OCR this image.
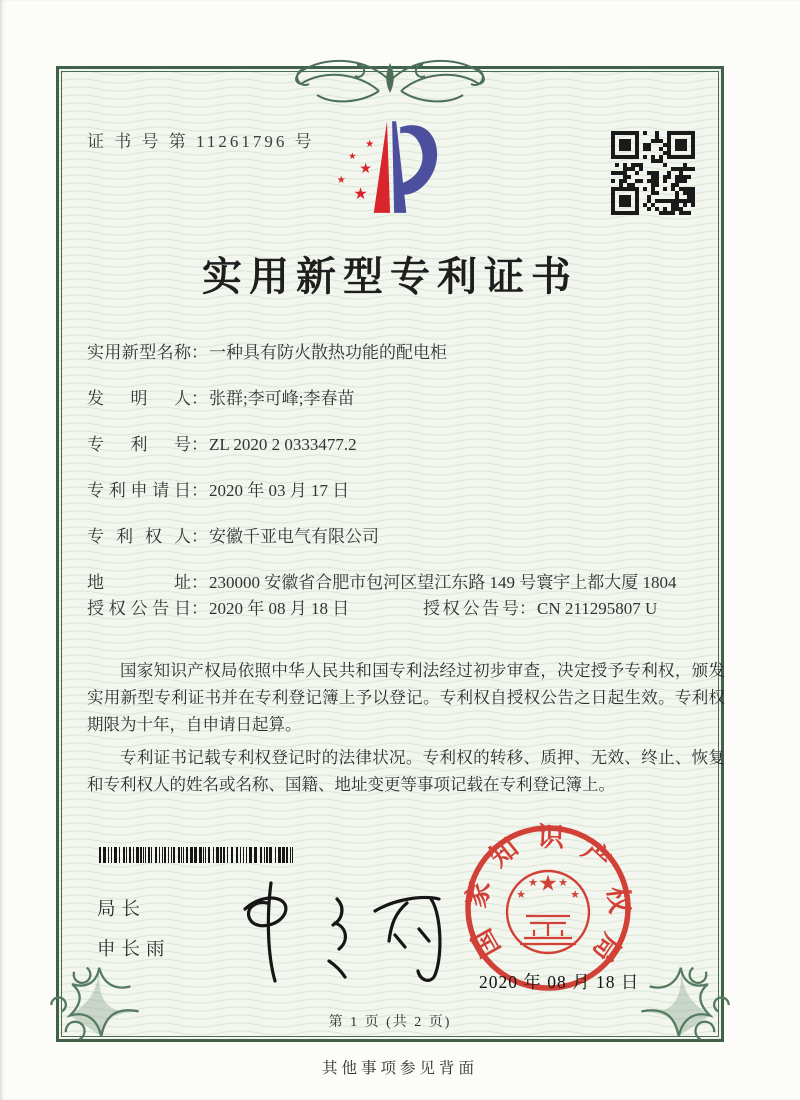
证 书 号 第 11261796 号	★
★
★
★
★
实用新型专利证书
实用新型名称 ： 一种具有防火散热功能的配电柜
发明人 ： 张群;李可峰;李春苗
专利号 ： ZL 2020 2 0333477.2
专利申请日 ： 2020 年 03 月 17 日
专利权人 ： 安徽千亚电气有限公司
地址 ： 230000 安徽省合肥市包河区望江东路 149 号寰宇上都大厦 1804
授权公告日 ： 2020 年 08 月 18 日	授权公告号 ： CN 211295807 U

国家知识产权局依照中华人民共和国专利法经过初步审查，决定授予专利权，颁发实用新型专利证书并在专利登记簿上予以登记。专利权自授权公告之日起生效。专利权期限为十年，自申请日起算。

专利证书记载专利权登记时的法律状况。专利权的转移、质押、无效、终止、恢复和专利权人的姓名或名称、国籍、地址变更等事项记载在专利登记簿上。

局长
申长雨	国家知识产权局
★
★
★ ★
★
2020 年 08 月 18 日
第 1 页 (共 2 页)
其他事项参见背面
